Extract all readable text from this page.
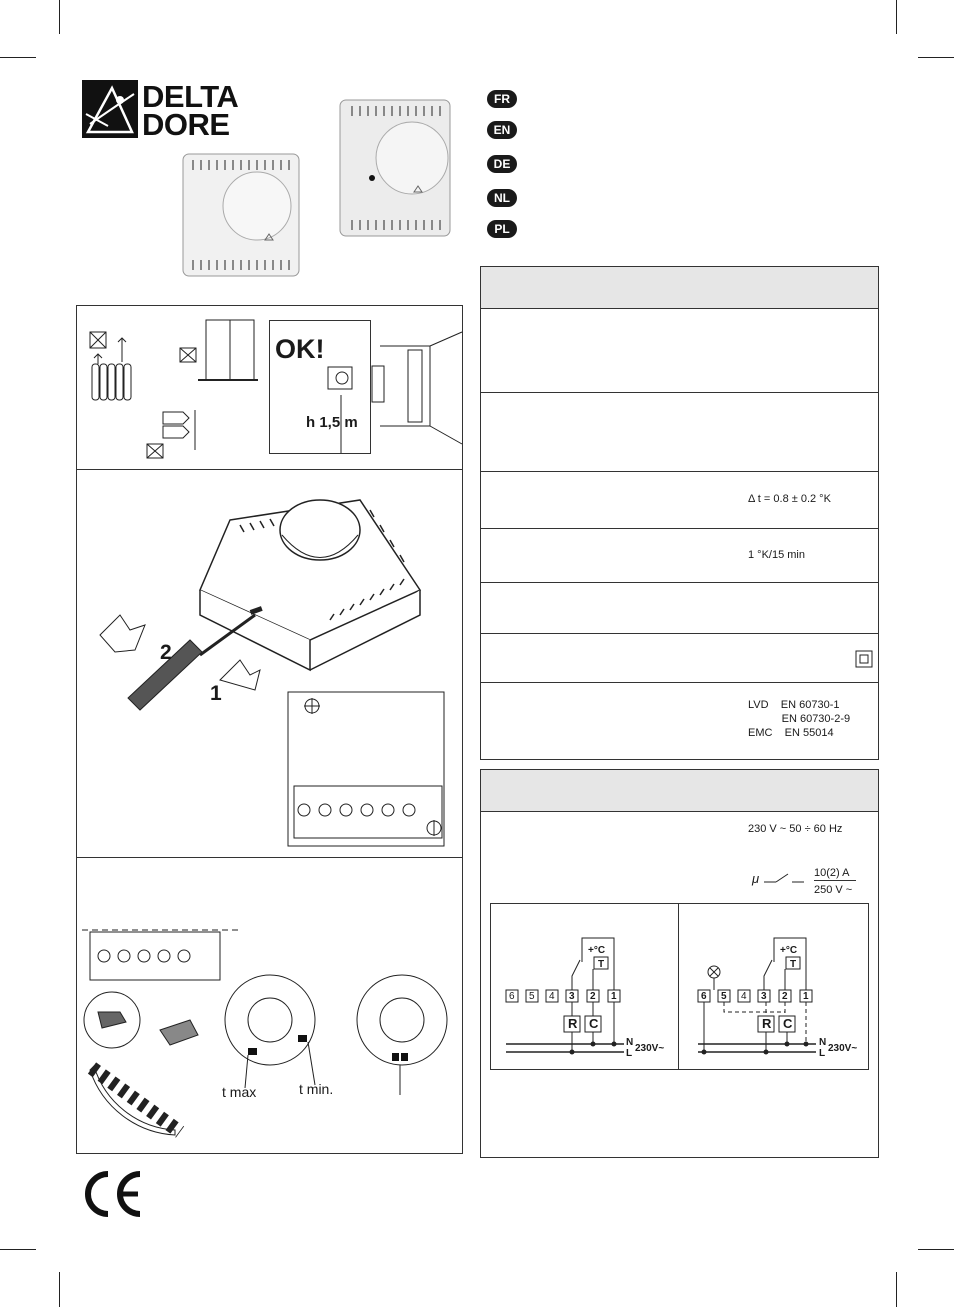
DELTA
DORE
FR
EN
DE
NL
PL
OK!
h 1,5 m
2
1
t max	t min.
Δ t = 0.8 ± 0.2 °K
1 °K/15 min
LVD    EN 60730-1
EN 60730-2-9
EMC    EN 55014
230 V ~ 50 ÷ 60 Hz
μ	10(2) A
250 V ~
6 5 4 3 2 1
+°C
T
R C
N
L 230V~
6 5 4 3 2 1
+°C
T
R C
N
L 230V~
